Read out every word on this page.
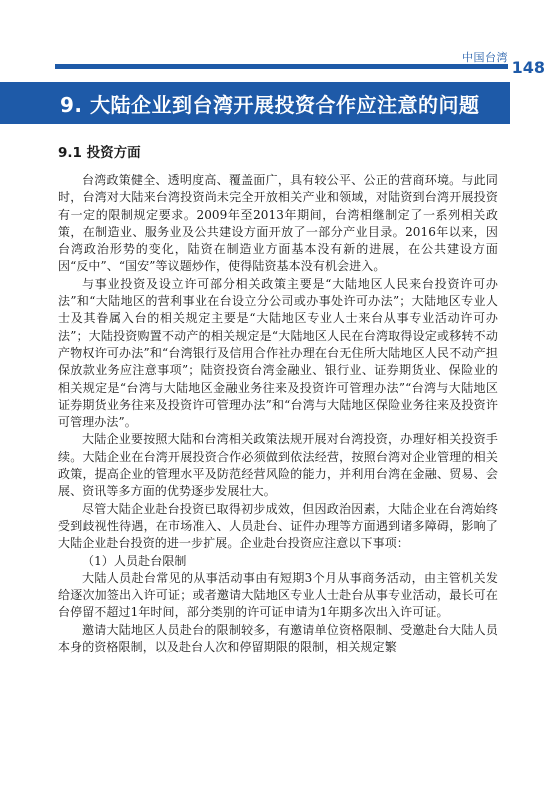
中国台湾
148
9. 大陆企业到台湾开展投资合作应注意的问题
9.1 投资方面

台湾政策健全、透明度高、覆盖面广，具有较公平、公正的营商环境。与此同时，台湾对大陆来台湾投资尚未完全开放相关产业和领域，对陆资到台湾开展投资有一定的限制规定要求。2009年至2013年期间，台湾相继制定了一系列相关政策，在制造业、服务业及公共建设方面开放了一部分产业目录。2016年以来，因台湾政治形势的变化，陆资在制造业方面基本没有新的进展，在公共建设方面因“反中”、“国安”等议题炒作，使得陆资基本没有机会进入。

与事业投资及设立许可部分相关政策主要是“大陆地区人民来台投资许可办法”和“大陆地区的营利事业在台设立分公司或办事处许可办法”；大陆地区专业人士及其眷属入台的相关规定主要是“大陆地区专业人士来台从事专业活动许可办法”；大陆投资购置不动产的相关规定是“大陆地区人民在台湾取得设定或移转不动产物权许可办法”和“台湾银行及信用合作社办理在台无住所大陆地区人民不动产担保放款业务应注意事项”；陆资投资台湾金融业、银行业、证券期货业、保险业的相关规定是“台湾与大陆地区金融业务往来及投资许可管理办法”“台湾与大陆地区证券期货业务往来及投资许可管理办法”和“台湾与大陆地区保险业务往来及投资许可管理办法”。

大陆企业要按照大陆和台湾相关政策法规开展对台湾投资，办理好相关投资手续。大陆企业在台湾开展投资合作必须做到依法经营，按照台湾对企业管理的相关政策，提高企业的管理水平及防范经营风险的能力，并利用台湾在金融、贸易、会展、资讯等多方面的优势逐步发展壮大。

尽管大陆企业赴台投资已取得初步成效，但因政治因素，大陆企业在台湾始终受到歧视性待遇，在市场准入、人员赴台、证件办理等方面遇到诸多障碍，影响了大陆企业赴台投资的进一步扩展。企业赴台投资应注意以下事项：

（1）人员赴台限制

大陆人员赴台常见的从事活动事由有短期3个月从事商务活动，由主管机关发给逐次加签出入许可证；或者邀请大陆地区专业人士赴台从事专业活动，最长可在台停留不超过1年时间，部分类别的许可证申请为1年期多次出入许可证。

邀请大陆地区人员赴台的限制较多，有邀请单位资格限制、受邀赴台大陆人员本身的资格限制，以及赴台人次和停留期限的限制，相关规定繁
